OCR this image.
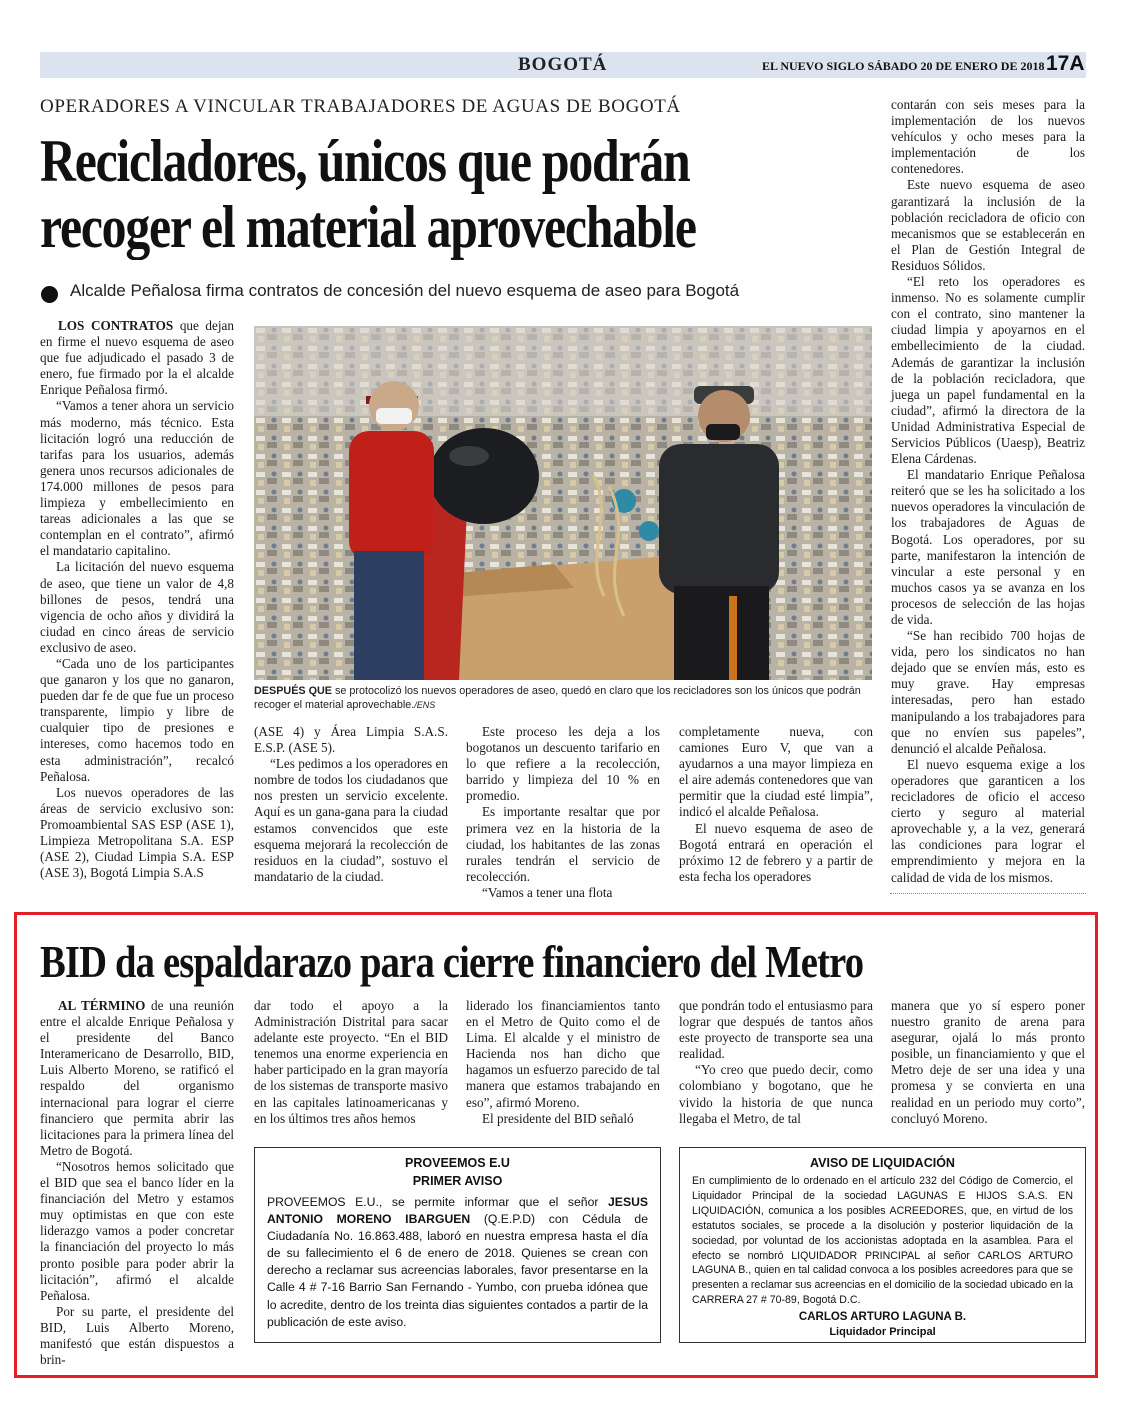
BOGOTÁ	EL NUEVO SIGLO SÁBADO 20 DE ENERO DE 2018 17A
OPERADORES A VINCULAR TRABAJADORES DE AGUAS DE BOGOTÁ
Recicladores, únicos que podrán
recoger el material aprovechable
Alcalde Peñalosa firma contratos de concesión del nuevo esquema de aseo para Bogotá

LOS CONTRATOS que dejan en firme el nuevo esquema de aseo que fue adjudicado el pasado 3 de enero, fue firmado por la el alcalde Enrique Peñalosa firmó.

“Vamos a tener ahora un servicio más moderno, más técnico. Esta licitación logró una reducción de tarifas para los usuarios, además genera unos recursos adicionales de 174.000 millones de pesos para limpieza y embellecimiento en tareas adicionales a las que se contemplan en el contrato”, afirmó el mandatario capitalino.

La licitación del nuevo esquema de aseo, que tiene un valor de 4,8 billones de pesos, tendrá una vigencia de ocho años y dividirá la ciudad en cinco áreas de servicio exclusivo de aseo.

“Cada uno de los participantes que ganaron y los que no ganaron, pueden dar fe de que fue un proceso transparente, limpio y libre de cualquier tipo de presiones e intereses, como hacemos todo en esta administración”, recalcó Peñalosa.

Los nuevos operadores de las áreas de servicio exclusivo son: Promoambiental SAS ESP (ASE 1), Limpieza Metropolitana S.A. ESP (ASE 2), Ciudad Limpia S.A. ESP (ASE 3), Bogotá Limpia S.A.S

DESPUÉS QUE se protocolizó los nuevos operadores de aseo, quedó en claro que los recicladores son los únicos que podrán recoger el material aprovechable./ENS

(ASE 4) y Área Limpia S.A.S. E.S.P. (ASE 5).

“Les pedimos a los operadores en nombre de todos los ciudadanos que nos presten un servicio excelente. Aquí es un gana-gana para la ciudad estamos convencidos que este esquema mejorará la recolección de residuos en la ciudad”, sostuvo el mandatario de la ciudad.

Este proceso les deja a los bogotanos un descuento tarifario en lo que refiere a la recolección, barrido y limpieza del 10 % en promedio.

Es importante resaltar que por primera vez en la historia de la ciudad, los habitantes de las zonas rurales tendrán el servicio de recolección.

“Vamos a tener una flota

completamente nueva, con camiones Euro V, que van a ayudarnos a una mayor limpieza en el aire además contenedores que van permitir que la ciudad esté limpia”, indicó el alcalde Peñalosa.

El nuevo esquema de aseo de Bogotá entrará en operación el próximo 12 de febrero y a partir de esta fecha los operadores

contarán con seis meses para la implementación de los nuevos vehículos y ocho meses para la implementación de los contenedores.

Este nuevo esquema de aseo garantizará la inclusión de la población recicladora de oficio con mecanismos que se establecerán en el Plan de Gestión Integral de Residuos Sólidos.

“El reto los operadores es inmenso. No es solamente cumplir con el contrato, sino mantener la ciudad limpia y apoyarnos en el embellecimiento de la ciudad. Además de garantizar la inclusión de la población recicladora, que juega un papel fundamental en la ciudad”, afirmó la directora de la Unidad Administrativa Especial de Servicios Públicos (Uaesp), Beatriz Elena Cárdenas.

El mandatario Enrique Peñalosa reiteró que se les ha solicitado a los nuevos operadores la vinculación de los trabajadores de Aguas de Bogotá. Los operadores, por su parte, manifestaron la intención de vincular a este personal y en muchos casos ya se avanza en los procesos de selección de las hojas de vida.

“Se han recibido 700 hojas de vida, pero los sindicatos no han dejado que se envíen más, esto es muy grave. Hay empresas interesadas, pero han estado manipulando a los trabajadores para que no envíen sus papeles”, denunció el alcalde Peñalosa.

El nuevo esquema exige a los operadores que garanticen a los recicladores de oficio el acceso cierto y seguro al material aprovechable y, a la vez, generará las condiciones para lograr el emprendimiento y mejora en la calidad de vida de los mismos.

BID da espaldarazo para cierre financiero del Metro

AL TÉRMINO de una reunión entre el alcalde Enrique Peñalosa y el presidente del Banco Interamericano de Desarrollo, BID, Luis Alberto Moreno, se ratificó el respaldo del organismo internacional para lograr el cierre financiero que permita abrir las licitaciones para la primera línea del Metro de Bogotá.

“Nosotros hemos solicitado que el BID que sea el banco líder en la financiación del Metro y estamos muy optimistas en que con este liderazgo vamos a poder concretar la financiación del proyecto lo más pronto posible para poder abrir la licitación”, afirmó el alcalde Peñalosa.

Por su parte, el presidente del BID, Luis Alberto Moreno, manifestó que están dispuestos a brin-

dar todo el apoyo a la Administración Distrital para sacar adelante este proyecto. “En el BID tenemos una enorme experiencia en haber participado en la gran mayoría de los sistemas de transporte masivo en las capitales latinoamericanas y en los últimos tres años hemos

liderado los financiamientos tanto en el Metro de Quito como el de Lima. El alcalde y el ministro de Hacienda nos han dicho que hagamos un esfuerzo parecido de tal manera que estamos trabajando en eso”, afirmó Moreno.

El presidente del BID señaló

que pondrán todo el entusiasmo para lograr que después de tantos años este proyecto de transporte sea una realidad.

“Yo creo que puedo decir, como colombiano y bogotano, que he vivido la historia de que nunca llegaba el Metro, de tal

manera que yo sí espero poner nuestro granito de arena para asegurar, ojalá lo más pronto posible, un financiamiento y que el Metro deje de ser una idea y una promesa y se convierta en una realidad en un periodo muy corto”, concluyó Moreno.

PROVEEMOS E.U
PRIMER AVISO
PROVEEMOS E.U., se permite informar que el señor JESUS ANTONIO MORENO IBARGUEN (Q.E.P.D) con Cédula de Ciudadanía No. 16.863.488, laboró en nuestra empresa hasta el día de su fallecimiento el 6 de enero de 2018. Quienes se crean con derecho a reclamar sus acreencias laborales, favor presentarse en la Calle 4 # 7-16 Barrio San Fernando - Yumbo, con prueba idónea que lo acredite, dentro de los treinta dias siguientes contados a partir de la publicación de este aviso.
AVISO DE LIQUIDACIÓN
En cumplimiento de lo ordenado en el artículo 232 del Código de Comercio, el Liquidador Principal de la sociedad LAGUNAS E HIJOS S.A.S. EN LIQUIDACIÓN, comunica a los posibles ACREEDORES, que, en virtud de los estatutos sociales, se procede a la disolución y posterior liquidación de la sociedad, por voluntad de los accionistas adoptada en la asamblea. Para el efecto se nombró LIQUIDADOR PRINCIPAL al señor CARLOS ARTURO LAGUNA B., quien en tal calidad convoca a los posibles acreedores para que se presenten a reclamar sus acreencias en el domicilio de la sociedad ubicado en la CARRERA 27 # 70-89, Bogotá D.C.
CARLOS ARTURO LAGUNA B.
Liquidador Principal
